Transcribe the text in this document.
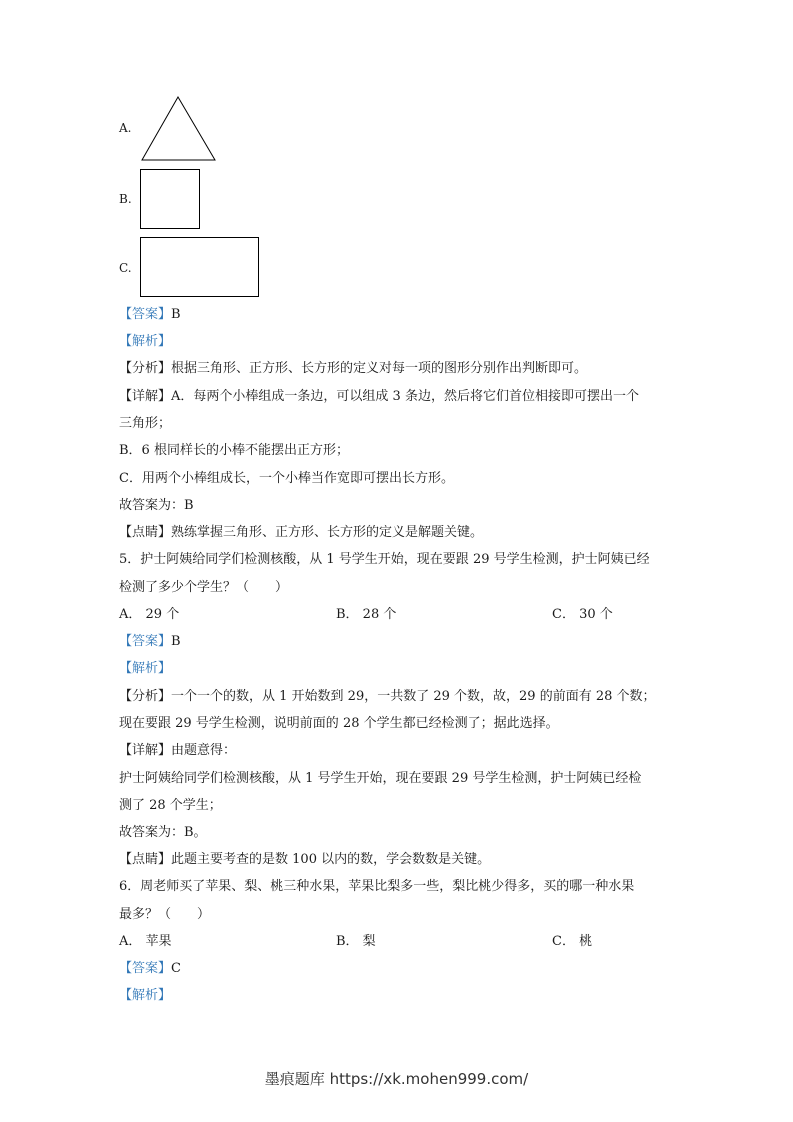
A.
B.
C.
【答案】B
【解析】
【分析】根据三角形、正方形、长方形的定义对每一项的图形分别作出判断即可。
【详解】A．每两个小棒组成一条边，可以组成 3 条边，然后将它们首位相接即可摆出一个
三角形；
B．6 根同样长的小棒不能摆出正方形；
C．用两个小棒组成长，一个小棒当作宽即可摆出长方形。
故答案为：B
【点睛】熟练掌握三角形、正方形、长方形的定义是解题关键。
5．护士阿姨给同学们检测核酸，从 1 号学生开始，现在要跟 29 号学生检测，护士阿姨已经
检测了多少个学生？（　　）
A． 29 个	B． 28 个	C． 30 个
【答案】B
【解析】
【分析】一个一个的数，从 1 开始数到 29，一共数了 29 个数，故，29 的前面有 28 个数；
现在要跟 29 号学生检测，说明前面的 28 个学生都已经检测了；据此选择。
【详解】由题意得：
护士阿姨给同学们检测核酸，从 1 号学生开始，现在要跟 29 号学生检测，护士阿姨已经检
测了 28 个学生；
故答案为：B。
【点睛】此题主要考查的是数 100 以内的数，学会数数是关键。
6．周老师买了苹果、梨、桃三种水果，苹果比梨多一些，梨比桃少得多，买的哪一种水果
最多？（　　）
A． 苹果	B． 梨	C． 桃
【答案】C
【解析】
墨痕题库 https://xk.mohen999.com/
